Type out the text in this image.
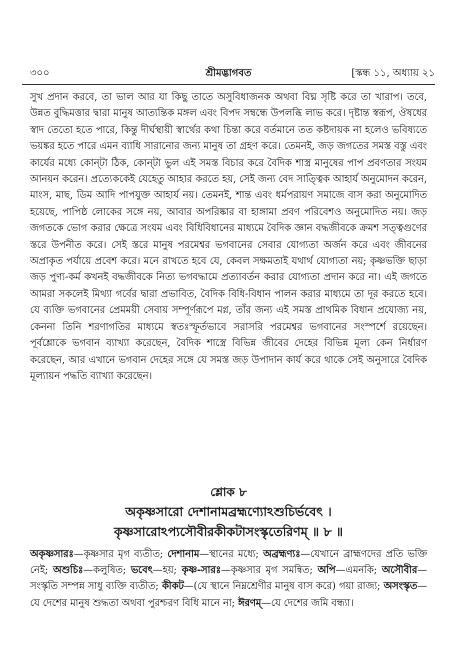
৩০০	শ্রীমদ্ভাগবত	[স্কন্ধ ১১, অধ্যায় ২১

সুখ প্রদান করবে, তা ভাল আর যা কিছু তাতে অসুবিধাজনক অথবা বিঘ্ন সৃষ্টি করে তা খারাপ। তবে, উন্নত বুদ্ধিমত্তার দ্বারা মানুষ আত্যন্তিক মঙ্গল এবং বিপদ সম্বন্ধে উপলব্ধি লাভ করে। দৃষ্টান্ত স্বরূপ, ঔষধের স্বাদ তেতো হতে পারে, কিন্তু দীর্ঘস্থায়ী স্বার্থের কথা চিন্তা করে বর্তমানে তত কষ্টদায়ক না হলেও ভবিষ্যতে ভয়ঙ্কর হতে পারে এমন ব্যাধি সারানোর জন্য মানুষ তা গ্রহণ করে। তেমনই, জড় জগতের সমস্ত বস্তু এবং কার্যের মধ্যে কোন্‌টা ঠিক, কোন্‌টা ভুল এই সমস্ত বিচার করে বৈদিক শাস্ত্র মানুষের পাপ প্রবণতার সংযম আনয়ন করেন। প্রত্যেককেই যেহেতু আহার করতে হয়, সেই জন্য বেদ সাত্ত্বিক আহার্য অনুমোদন করেন, মাংস, মাছ, ডিম আদি পাপযুক্ত আহার্য নয়। তেমনই, শান্ত এবং ধর্মপরায়ণ সমাজে বাস করা অনুমোদিত হয়েছে, পাপিষ্ঠ লোকের সঙ্গে নয়, আবার অপরিষ্কার বা হাঙ্গামা প্রবণ পরিবেশও অনুমোদিত নয়। জড় জগতকে ভোগ করার ক্ষেত্রে সংযম এবং বিধিবিধানের মাধ্যমে বৈদিক জ্ঞান বদ্ধজীবকে ক্রমশ সত্ত্বগুণের স্তরে উপনীত করে। সেই স্তরে মানুষ পরমেশ্বর ভগবানের সেবার যোগ্যতা অর্জন করে এবং জীবনের অপ্রাকৃত পর্যায়ে প্রবেশ করে। মনে রাখতে হবে যে, কেবল সক্ষমতাই যথার্থ যোগ্যতা নয়; কৃষ্ণভক্তি ছাড়া জড় পুণ্য-কর্ম কখনই বদ্ধজীবকে নিত্য ভগবদ্ধামে প্রত্যাবর্তন করার যোগ্যতা প্রদান করে না। এই জগতে আমরা সকলেই মিথ্যা গর্বের দ্বারা প্রভাবিত, বৈদিক বিধি-বিধান পালন করার মাধ্যমে তা দূর করতে হবে। যে ব্যক্তি ভগবানের প্রেমময়ী সেবায় সম্পূর্ণরূপে মগ্ন, তাঁর জন্য এই সমস্ত প্রাথমিক বিধান প্রযোজ্য নয়, কেননা তিনি শরণাগতির মাধ্যমে স্বতঃস্ফূর্তভাবে সরাসরি পরমেশ্বর ভগবানের সংস্পর্শে রয়েছেন। পূর্বশ্লোকে ভগবান ব্যাখ্যা করেছেন, বৈদিক শাস্ত্রে বিভিন্ন জীবের দেহের বিভিন্ন মূল্য কেন নির্ধারণ করেছেন, আর এখানে ভগবান দেহের সঙ্গে যে সমস্ত জড় উপাদান কার্য করে থাকে সেই অনুসারে বৈদিক মূল্যায়ন পদ্ধতি ব্যাখ্যা করেছেন।

শ্লোক ৮
অকৃষ্ণসারো দেশানামব্রহ্মণ্যোঽশুচির্ভবেৎ ।
কৃষ্ণসারোঽপ্যসৌবীরকীকটাসংস্কৃতেরিণম্ ॥ ৮ ॥

অকৃষ্ণসারঃ—কৃষ্ণসার মৃগ ব্যতীত; দেশানাম—স্থানের মধ্যে; অব্রহ্মণ্যঃ—যেখানে ব্রাহ্মণদের প্রতি ভক্তি নেই; অশুচিঃ—কলুষিত; ভবেৎ—হয়; কৃষ্ণ-সারঃ—কৃষ্ণসার মৃগ সমন্বিত; অপি—এমনকি; অসৌবীর—সংস্কৃতি সম্পন্ন সাধু ব্যক্তি ব্যতীত; কীকট—(যে স্থানে নিম্নশ্রেণীর মানুষ বাস করে) গয়া রাজ্য; অসংস্কৃত—যে দেশের মানুষ শুদ্ধতা অথবা পুরশ্চরণ বিধি মানে না; ঈরণম্‌—যে দেশের জমি বন্ধ্যা।
